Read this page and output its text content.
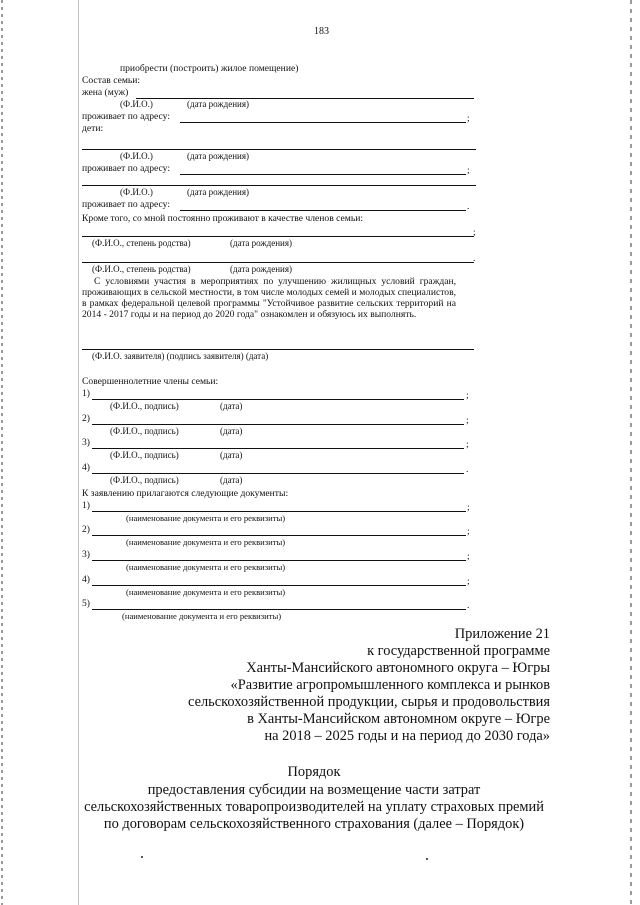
183
приобрести (построить) жилое помещение)
Состав семьи:
жена (муж)
(Ф.И.О.)	(дата рождения)
проживает по адресу:	;
дети:
(Ф.И.О.)	(дата рождения)
проживает по адресу:	;
(Ф.И.О.)	(дата рождения)
проживает по адресу:	.
Кроме того, со мной постоянно проживают в качестве членов семьи:
;
(Ф.И.О., степень родства)	(дата рождения)
.
(Ф.И.О., степень родства)	(дата рождения)
С условиями участия в мероприятиях по улучшению жилищных условий граждан, проживающих в сельской местности, в том числе молодых семей и молодых специалистов, в рамках федеральной целевой программы "Устойчивое развитие сельских территорий на 2014 - 2017 годы и на период до 2020 года" ознакомлен и обязуюсь их выполнять.
(Ф.И.О. заявителя) (подпись заявителя) (дата)
Совершеннолетние члены семьи:
1)	;
(Ф.И.О., подпись)	(дата)
2)	;
(Ф.И.О., подпись)	(дата)
3)	;
(Ф.И.О., подпись)	(дата)
4)	.
(Ф.И.О., подпись)	(дата)
К заявлению прилагаются следующие документы:
1)	;
(наименование документа и его реквизиты)
2)	;
(наименование документа и его реквизиты)
3)	;
(наименование документа и его реквизиты)
4)	;
(наименование документа и его реквизиты)
5)	.
(наименование документа и его реквизиты)
Приложение 21
к государственной программе
Ханты-Мансийского автономного округа – Югры
«Развитие агропромышленного комплекса и рынков
сельскохозяйственной продукции, сырья и продовольствия
в Ханты-Мансийском автономном округе – Югре
на 2018 – 2025 годы и на период до 2030 года»
Порядок
предоставления субсидии на возмещение части затрат
сельскохозяйственных товаропроизводителей на уплату страховых премий
по договорам сельскохозяйственного страхования (далее – Порядок)
